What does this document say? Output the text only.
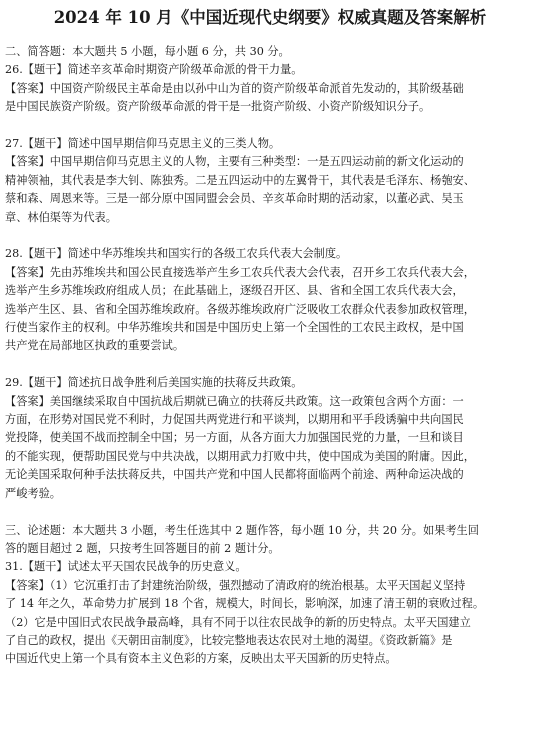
2024 年 10 月《中国近现代史纲要》权威真题及答案解析
二、简答题：本大题共 5 小题，每小题 6 分，共 30 分。
26.【题干】简述辛亥革命时期资产阶级革命派的骨干力量。
【答案】中国资产阶级民主革命是由以孙中山为首的资产阶级革命派首先发动的，其阶级基础
是中国民族资产阶级。资产阶级革命派的骨干是一批资产阶级、小资产阶级知识分子。
27.【题干】简述中国早期信仰马克思主义的三类人物。
【答案】中国早期信仰马克思主义的人物，主要有三种类型：一是五四运动前的新文化运动的
精神领袖，其代表是李大钊、陈独秀。二是五四运动中的左翼骨干，其代表是毛泽东、杨匏安、
蔡和森、周恩来等。三是一部分原中国同盟会会员、辛亥革命时期的活动家，以董必武、吴玉
章、林伯渠等为代表。
28.【题干】简述中华苏维埃共和国实行的各级工农兵代表大会制度。
【答案】先由苏维埃共和国公民直接选举产生乡工农兵代表大会代表，召开乡工农兵代表大会，
选举产生乡苏维埃政府组成人员；在此基础上，逐级召开区、县、省和全国工农兵代表大会，
选举产生区、县、省和全国苏维埃政府。各级苏维埃政府广泛吸收工农群众代表参加政权管理，
行使当家作主的权利。中华苏维埃共和国是中国历史上第一个全国性的工农民主政权，是中国
共产党在局部地区执政的重要尝试。
29.【题干】简述抗日战争胜利后美国实施的扶蒋反共政策。
【答案】美国继续采取自中国抗战后期就已确立的扶蒋反共政策。这一政策包含两个方面：一
方面，在形势对国民党不利时，力促国共两党进行和平谈判，以期用和平手段诱骗中共向国民
党投降，使美国不战而控制全中国；另一方面，从各方面大力加强国民党的力量，一旦和谈目
的不能实现，便帮助国民党与中共决战，以期用武力打败中共，使中国成为美国的附庸。因此，
无论美国采取何种手法扶蒋反共，中国共产党和中国人民都将面临两个前途、两种命运决战的
严峻考验。
三、论述题：本大题共 3 小题，考生任选其中 2 题作答，每小题 10 分，共 20 分。如果考生回
答的题目超过 2 题，只按考生回答题目的前 2 题计分。
31.【题干】试述太平天国农民战争的历史意义。
【答案】（1）它沉重打击了封建统治阶级，强烈撼动了清政府的统治根基。太平天国起义坚持
了 14 年之久，革命势力扩展到 18 个省，规模大，时间长，影响深，加速了清王朝的衰败过程。
（2）它是中国旧式农民战争最高峰，具有不同于以往农民战争的新的历史特点。太平天国建立
了自己的政权，提出《天朝田亩制度》，比较完整地表达农民对土地的渴望。《资政新篇》是
中国近代史上第一个具有资本主义色彩的方案，反映出太平天国新的历史特点。
